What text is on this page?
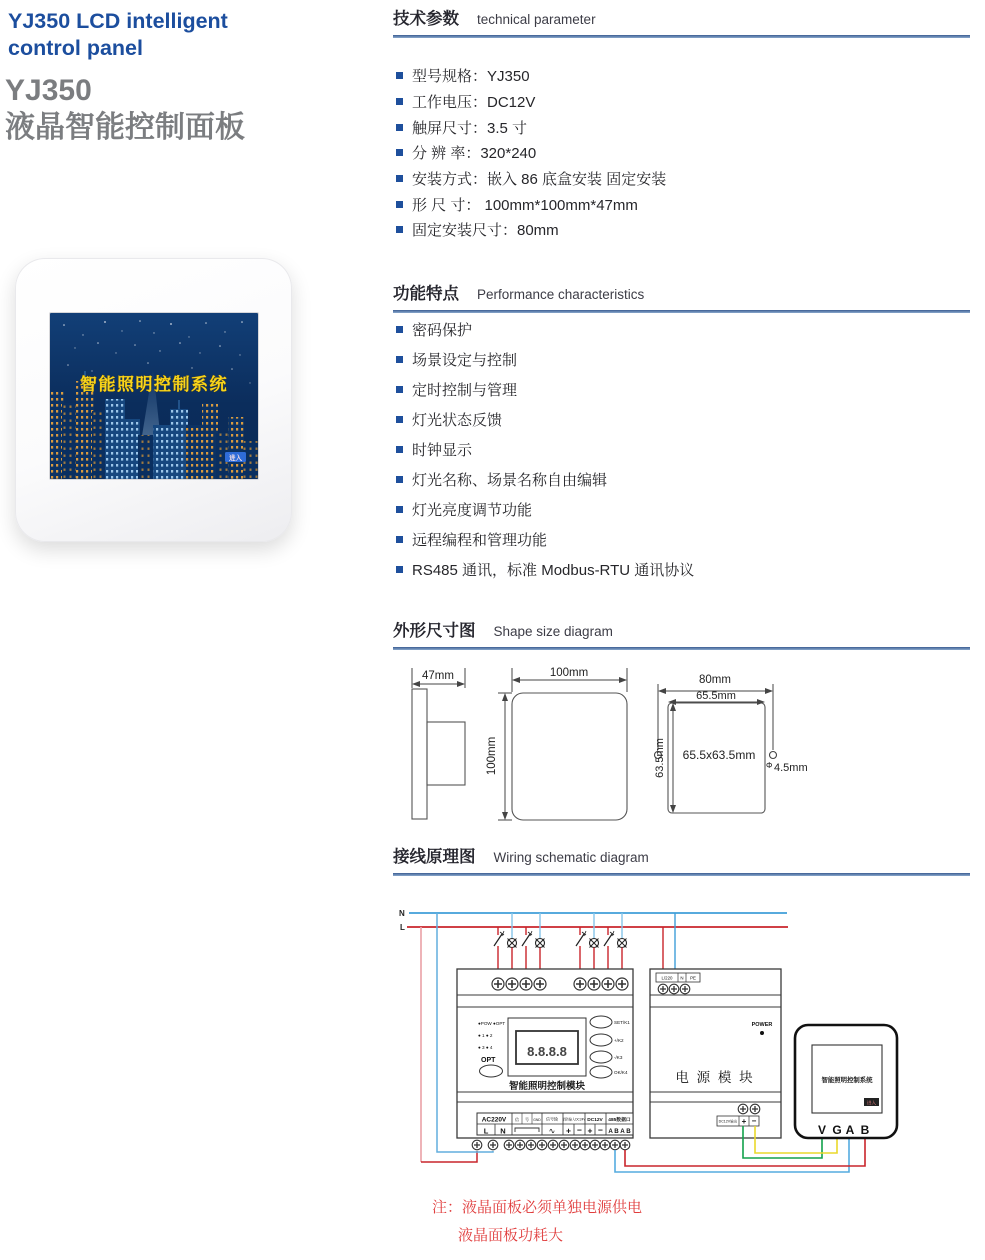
YJ350 LCD intelligent
control panel
YJ350
液晶智能控制面板
智能照明控制系统
进入
技术参数 technical parameter
型号规格：YJ350
工作电压：DC12V
触屏尺寸：3.5 寸
分 辨 率：320*240
安装方式：嵌入 86 底盒安装 固定安装
形 尺 寸： 100mm*100mm*47mm
固定安装尺寸：80mm
功能特点 Performance characteristics
密码保护
场景设定与控制
定时控制与管理
灯光状态反馈
时钟显示
灯光名称、场景名称自由编辑
灯光亮度调节功能
远程编程和管理功能
RS485 通讯，标准 Modbus-RTU 通讯协议
外形尺寸图 Shape size diagram
47mm	100mm
100mm
80mm
65.5mm
65.5x63.5mm
63.5mm	Φ 4.5mm
接线原理图 Wiring schematic diagram
N
L
●POW ●OPT
● 1 ● 2
● 3 ● 4
OPT
8.8.8.8
智能照明控制模块
SET/K1
+/K2
-/K3
OK/K4
AC220V
L N
信 号 GND 信号输
∿
消防输入DC24V
+ −
DC12V
+ −
485数据口
A B A B
L/220 N PE
POWER
电 源 模 块
DC12V输出 + −
智能照明控制系统
进入
V G A B
注：液晶面板必须单独电源供电
液晶面板功耗大
